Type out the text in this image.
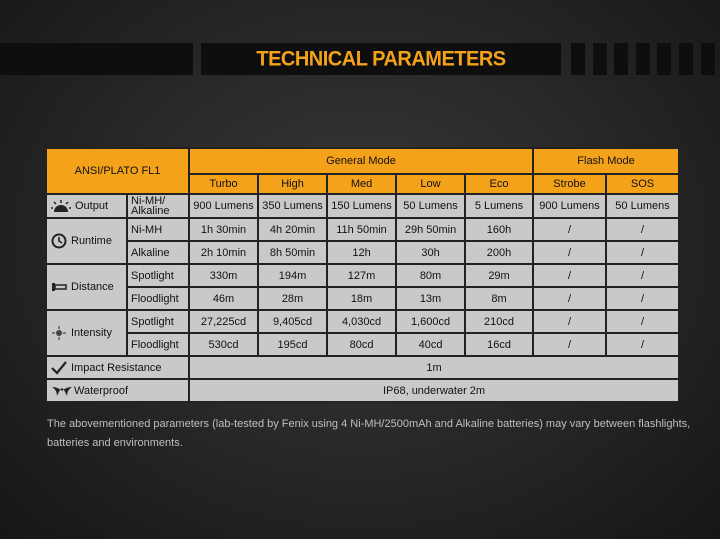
TECHNICAL PARAMETERS
ANSI/PLATO FL1		General Mode					Flash Mode	
		Turbo	High	Med	Low	Eco	Strobe	SOS

Output	Ni-MH/ Alkaline	900 Lumens	350 Lumens	150 Lumens	50 Lumens	5 Lumens	900 Lumens	50 Lumens

Runtime	Ni-MH	1h 30min	4h 20min	11h 50min	29h 50min	160h	/	/
	Alkaline	2h 10min	8h 50min	12h	30h	200h	/	/

Distance	Spotlight	330m	194m	127m	80m	29m	/	/
	Floodlight	46m	28m	18m	13m	8m	/	/

Intensity	Spotlight	27,225cd	9,405cd	4,030cd	1,600cd	210cd	/	/
	Floodlight	530cd	195cd	80cd	40cd	16cd	/	/

Impact Resistance		1m						

Waterproof		IP68, underwater 2m						
The abovementioned parameters (lab-tested by Fenix using 4 Ni-MH/2500mAh and Alkaline batteries) may vary between flashlights, batteries and environments.
